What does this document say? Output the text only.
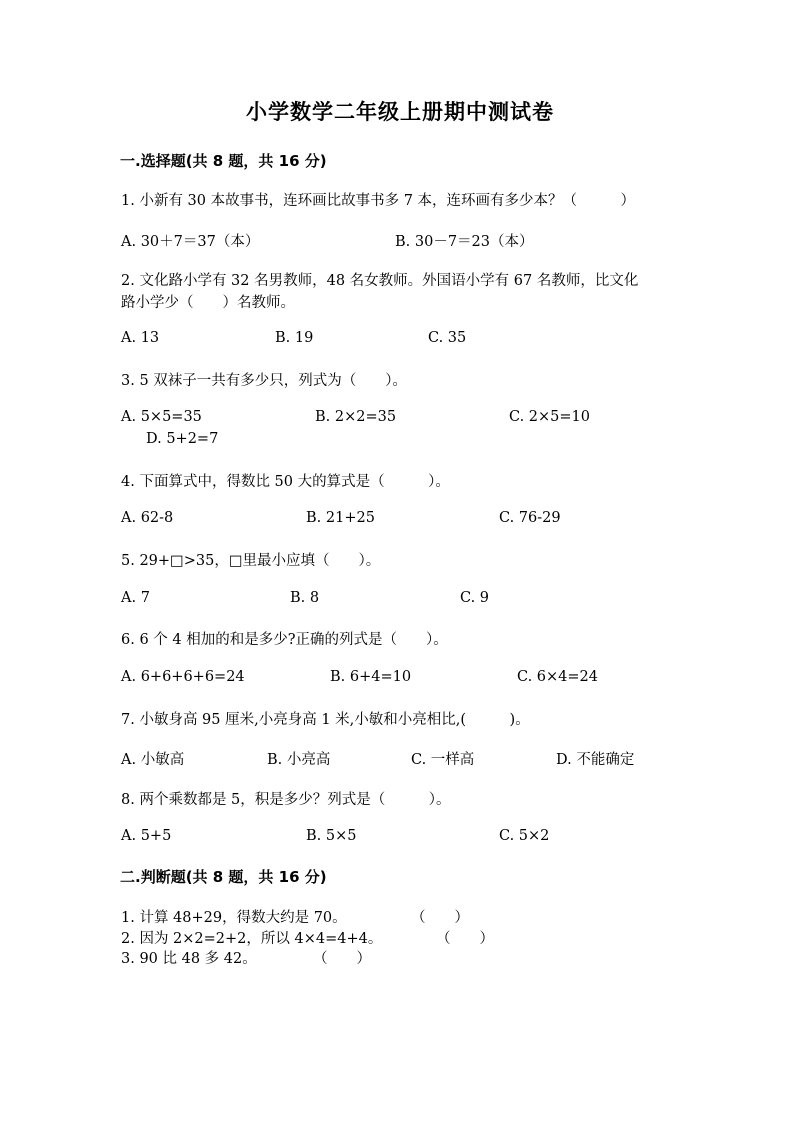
小学数学二年级上册期中测试卷
一.选择题(共 8 题，共 16 分)
1. 小新有 30 本故事书，连环画比故事书多 7 本，连环画有多少本？（　　　）
A. 30＋7＝37（本）	B. 30－7＝23（本）
2. 文化路小学有 32 名男教师，48 名女教师。外国语小学有 67 名教师，比文化
路小学少（　　）名教师。
A. 13	B. 19	C. 35
3. 5 双袜子一共有多少只，列式为（　　）。
A. 5×5=35	B. 2×2=35	C. 2×5=10
D. 5+2=7
4. 下面算式中，得数比 50 大的算式是（　　　）。
A. 62-8	B. 21+25	C. 76-29
5. 29+□>35，□里最小应填（　　）。
A. 7	B. 8	C. 9
6. 6 个 4 相加的和是多少?正确的列式是（　　）。
A. 6+6+6+6=24	B. 6+4=10	C. 6×4=24
7. 小敏身高 95 厘米,小亮身高 1 米,小敏和小亮相比,(　　　)。
A. 小敏高	B. 小亮高	C. 一样高	D. 不能确定
8. 两个乘数都是 5，积是多少？列式是（　　　）。
A. 5+5	B. 5×5	C. 5×2
二.判断题(共 8 题，共 16 分)
1. 计算 48+29，得数大约是 70。	（　　）
2. 因为 2×2=2+2，所以 4×4=4+4。	（　　）
3. 90 比 48 多 42。	（　　）
